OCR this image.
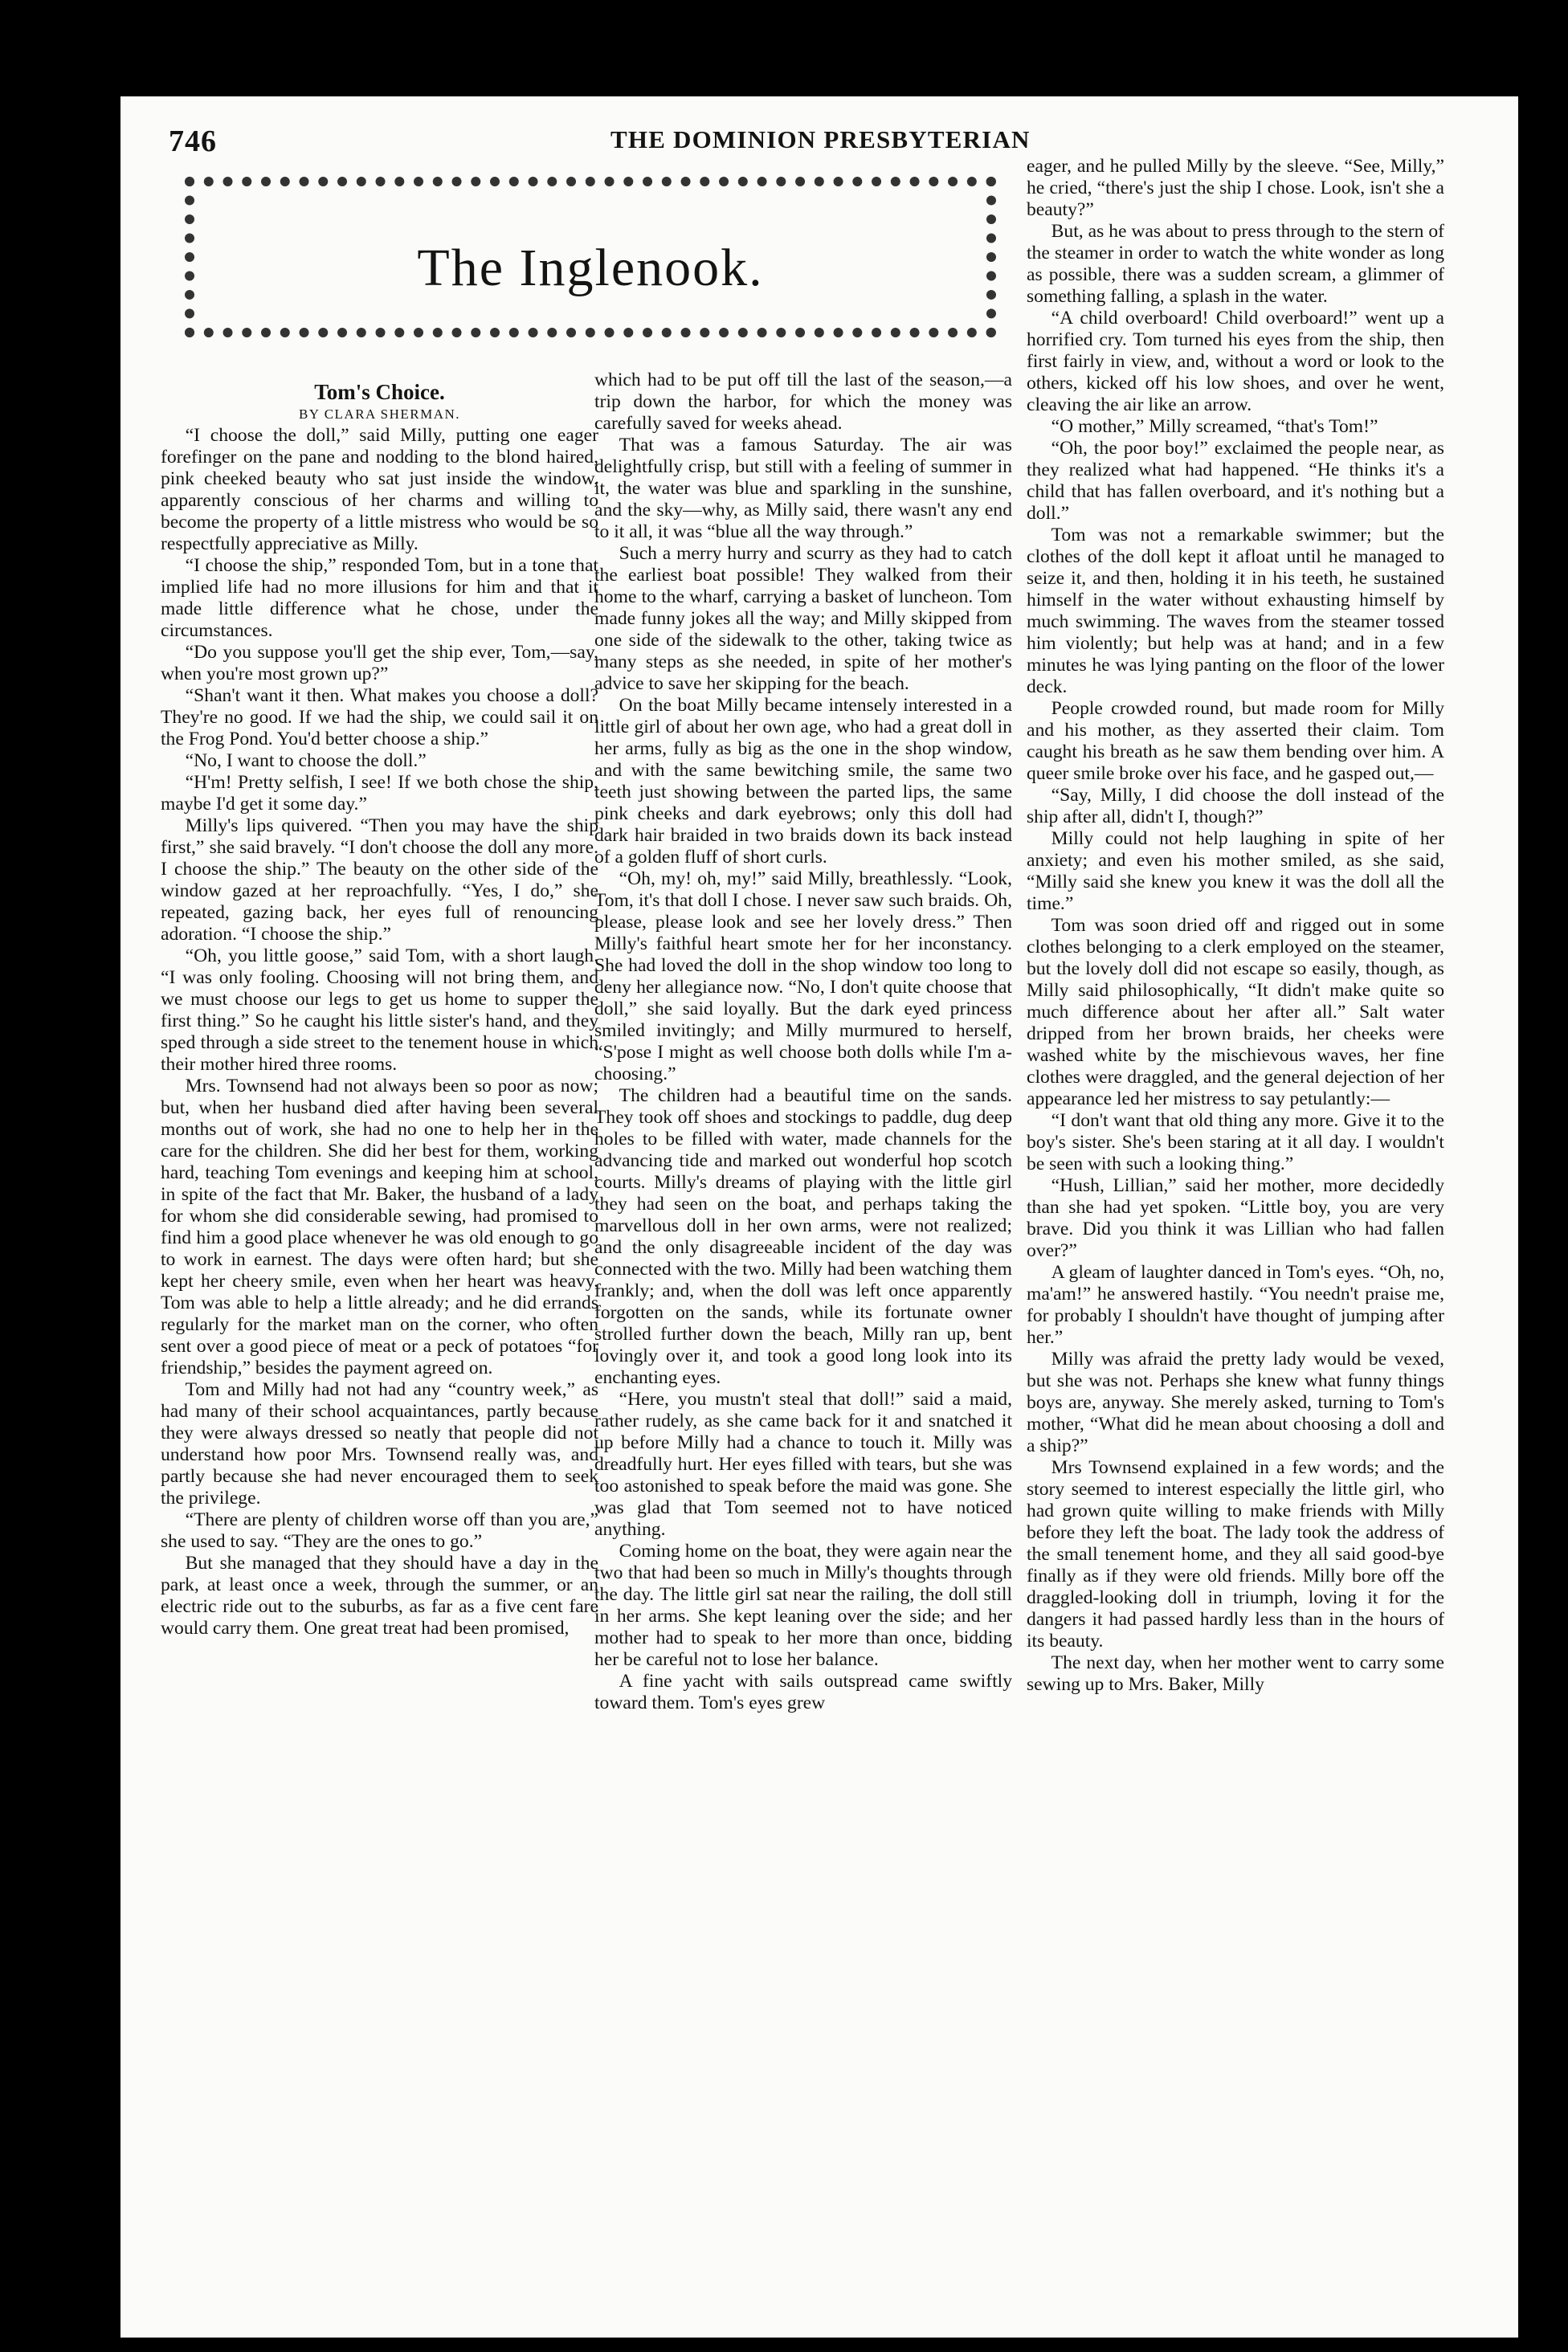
746	THE DOMINION PRESBYTERIAN
The Inglenook.

Tom's Choice.

BY CLARA SHERMAN.

“I choose the doll,” said Milly, putting one eager forefinger on the pane and nodding to the blond haired, pink cheeked beauty who sat just inside the window, apparently conscious of her charms and willing to become the property of a little mistress who would be so respectfully appreciative as Milly.

“I choose the ship,” responded Tom, but in a tone that implied life had no more illusions for him and that it made little difference what he chose, under the circumstances.

“Do you suppose you'll get the ship ever, Tom,—say, when you're most grown up?”

“Shan't want it then. What makes you choose a doll? They're no good. If we had the ship, we could sail it on the Frog Pond. You'd better choose a ship.”

“No, I want to choose the doll.”

“H'm! Pretty selfish, I see! If we both chose the ship, maybe I'd get it some day.”

Milly's lips quivered. “Then you may have the ship first,” she said bravely. “I don't choose the doll any more. I choose the ship.” The beauty on the other side of the window gazed at her reproachfully. “Yes, I do,” she repeated, gazing back, her eyes full of renouncing adoration. “I choose the ship.”

“Oh, you little goose,” said Tom, with a short laugh. “I was only fooling. Choosing will not bring them, and we must choose our legs to get us home to supper the first thing.” So he caught his little sister's hand, and they sped through a side street to the tenement house in which their mother hired three rooms.

Mrs. Townsend had not always been so poor as now; but, when her husband died after having been several months out of work, she had no one to help her in the care for the children. She did her best for them, working hard, teaching Tom evenings and keeping him at school, in spite of the fact that Mr. Baker, the husband of a lady for whom she did considerable sewing, had promised to find him a good place whenever he was old enough to go to work in earnest. The days were often hard; but she kept her cheery smile, even when her heart was heavy. Tom was able to help a little already; and he did errands regularly for the market man on the corner, who often sent over a good piece of meat or a peck of potatoes “for friendship,” besides the payment agreed on.

Tom and Milly had not had any “country week,” as had many of their school acquaintances, partly because they were always dressed so neatly that people did not understand how poor Mrs. Townsend really was, and partly because she had never encouraged them to seek the privilege.

“There are plenty of children worse off than you are,” she used to say. “They are the ones to go.”

But she managed that they should have a day in the park, at least once a week, through the summer, or an electric ride out to the suburbs, as far as a five cent fare would carry them. One great treat had been promised,

which had to be put off till the last of the season,—a trip down the harbor, for which the money was carefully saved for weeks ahead.

That was a famous Saturday. The air was delightfully crisp, but still with a feeling of summer in it, the water was blue and sparkling in the sunshine, and the sky—why, as Milly said, there wasn't any end to it all, it was “blue all the way through.”

Such a merry hurry and scurry as they had to catch the earliest boat possible! They walked from their home to the wharf, carrying a basket of luncheon. Tom made funny jokes all the way; and Milly skipped from one side of the sidewalk to the other, taking twice as many steps as she needed, in spite of her mother's advice to save her skipping for the beach.

On the boat Milly became intensely interested in a little girl of about her own age, who had a great doll in her arms, fully as big as the one in the shop window, and with the same bewitching smile, the same two teeth just showing between the parted lips, the same pink cheeks and dark eyebrows; only this doll had dark hair braided in two braids down its back instead of a golden fluff of short curls.

“Oh, my! oh, my!” said Milly, breathlessly. “Look, Tom, it's that doll I chose. I never saw such braids. Oh, please, please look and see her lovely dress.” Then Milly's faithful heart smote her for her inconstancy. She had loved the doll in the shop window too long to deny her allegiance now. “No, I don't quite choose that doll,” she said loyally. But the dark eyed princess smiled invitingly; and Milly murmured to herself, “S'pose I might as well choose both dolls while I'm a-choosing.”

The children had a beautiful time on the sands. They took off shoes and stockings to paddle, dug deep holes to be filled with water, made channels for the advancing tide and marked out wonderful hop scotch courts. Milly's dreams of playing with the little girl they had seen on the boat, and perhaps taking the marvellous doll in her own arms, were not realized; and the only disagreeable incident of the day was connected with the two. Milly had been watching them frankly; and, when the doll was left once apparently forgotten on the sands, while its fortunate owner strolled further down the beach, Milly ran up, bent lovingly over it, and took a good long look into its enchanting eyes.

“Here, you mustn't steal that doll!” said a maid, rather rudely, as she came back for it and snatched it up before Milly had a chance to touch it. Milly was dreadfully hurt. Her eyes filled with tears, but she was too astonished to speak before the maid was gone. She was glad that Tom seemed not to have noticed anything.

Coming home on the boat, they were again near the two that had been so much in Milly's thoughts through the day. The little girl sat near the railing, the doll still in her arms. She kept leaning over the side; and her mother had to speak to her more than once, bidding her be careful not to lose her balance.

A fine yacht with sails outspread came swiftly toward them. Tom's eyes grew

eager, and he pulled Milly by the sleeve. “See, Milly,” he cried, “there's just the ship I chose. Look, isn't she a beauty?”

But, as he was about to press through to the stern of the steamer in order to watch the white wonder as long as possible, there was a sudden scream, a glimmer of something falling, a splash in the water.

“A child overboard! Child overboard!” went up a horrified cry. Tom turned his eyes from the ship, then first fairly in view, and, without a word or look to the others, kicked off his low shoes, and over he went, cleaving the air like an arrow.

“O mother,” Milly screamed, “that's Tom!”

“Oh, the poor boy!” exclaimed the people near, as they realized what had happened. “He thinks it's a child that has fallen overboard, and it's nothing but a doll.”

Tom was not a remarkable swimmer; but the clothes of the doll kept it afloat until he managed to seize it, and then, holding it in his teeth, he sustained himself in the water without exhausting himself by much swimming. The waves from the steamer tossed him violently; but help was at hand; and in a few minutes he was lying panting on the floor of the lower deck.

People crowded round, but made room for Milly and his mother, as they asserted their claim. Tom caught his breath as he saw them bending over him. A queer smile broke over his face, and he gasped out,—

“Say, Milly, I did choose the doll instead of the ship after all, didn't I, though?”

Milly could not help laughing in spite of her anxiety; and even his mother smiled, as she said, “Milly said she knew you knew it was the doll all the time.”

Tom was soon dried off and rigged out in some clothes belonging to a clerk employed on the steamer, but the lovely doll did not escape so easily, though, as Milly said philosophically, “It didn't make quite so much difference about her after all.” Salt water dripped from her brown braids, her cheeks were washed white by the mischievous waves, her fine clothes were draggled, and the general dejection of her appearance led her mistress to say petulantly:—

“I don't want that old thing any more. Give it to the boy's sister. She's been staring at it all day. I wouldn't be seen with such a looking thing.”

“Hush, Lillian,” said her mother, more decidedly than she had yet spoken. “Little boy, you are very brave. Did you think it was Lillian who had fallen over?”

A gleam of laughter danced in Tom's eyes. “Oh, no, ma'am!” he answered hastily. “You needn't praise me, for probably I shouldn't have thought of jumping after her.”

Milly was afraid the pretty lady would be vexed, but she was not. Perhaps she knew what funny things boys are, anyway. She merely asked, turning to Tom's mother, “What did he mean about choosing a doll and a ship?”

Mrs Townsend explained in a few words; and the story seemed to interest especially the little girl, who had grown quite willing to make friends with Milly before they left the boat. The lady took the address of the small tenement home, and they all said good-bye finally as if they were old friends. Milly bore off the draggled-looking doll in triumph, loving it for the dangers it had passed hardly less than in the hours of its beauty.

The next day, when her mother went to carry some sewing up to Mrs. Baker, Milly
